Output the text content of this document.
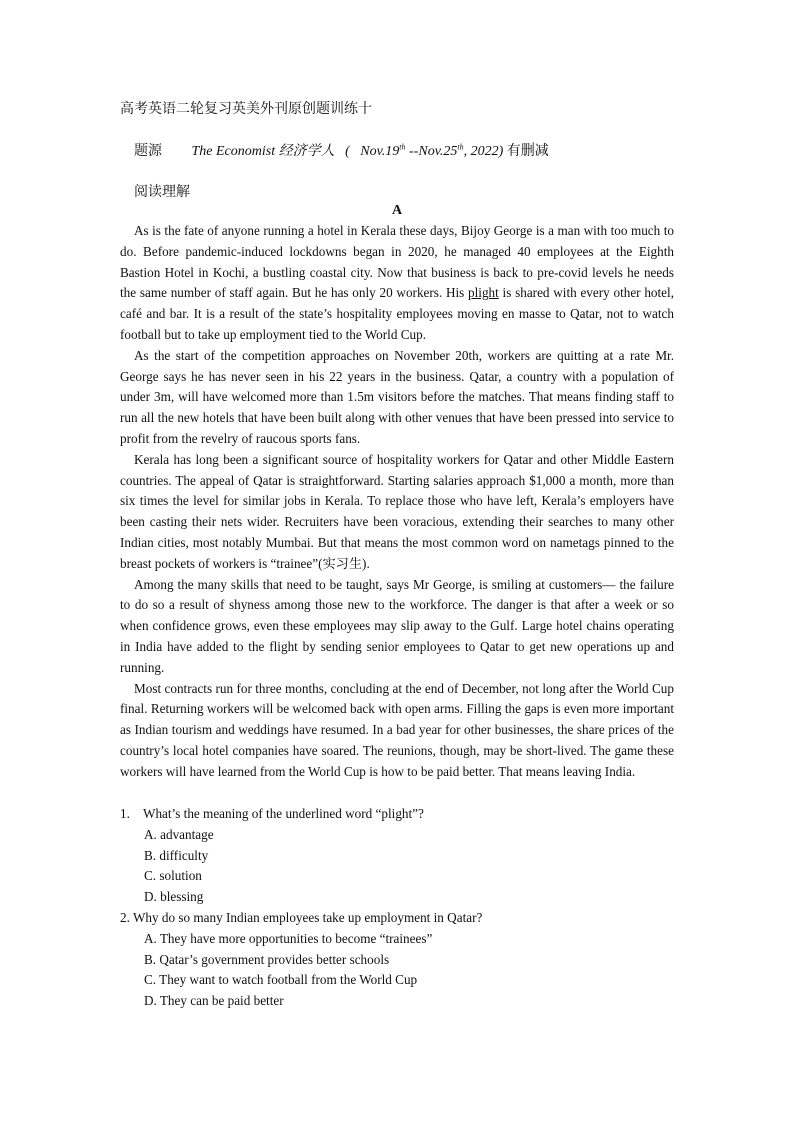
高考英语二轮复习英美外刊原创题训练十
题源 The Economist 经济学人 ( Nov.19th --Nov.25th, 2022) 有删减
阅读理解
A

As is the fate of anyone running a hotel in Kerala these days, Bijoy George is a man with too much to do. Before pandemic-induced lockdowns began in 2020, he managed 40 employees at the Eighth Bastion Hotel in Kochi, a bustling coastal city. Now that business is back to pre-covid levels he needs the same number of staff again. But he has only 20 workers. His plight is shared with every other hotel, café and bar. It is a result of the state’s hospitality employees moving en masse to Qatar, not to watch football but to take up employment tied to the World Cup.

As the start of the competition approaches on November 20th, workers are quitting at a rate Mr. George says he has never seen in his 22 years in the business. Qatar, a country with a population of under 3m, will have welcomed more than 1.5m visitors before the matches. That means finding staff to run all the new hotels that have been built along with other venues that have been pressed into service to profit from the revelry of raucous sports fans.

Kerala has long been a significant source of hospitality workers for Qatar and other Middle Eastern countries. The appeal of Qatar is straightforward. Starting salaries approach $1,000 a month, more than six times the level for similar jobs in Kerala. To replace those who have left, Kerala’s employers have been casting their nets wider. Recruiters have been voracious, extending their searches to many other Indian cities, most notably Mumbai. But that means the most common word on nametags pinned to the breast pockets of workers is “trainee”(实习生).

Among the many skills that need to be taught, says Mr George, is smiling at customers— the failure to do so a result of shyness among those new to the workforce. The danger is that after a week or so when confidence grows, even these employees may slip away to the Gulf. Large hotel chains operating in India have added to the flight by sending senior employees to Qatar to get new operations up and running.

Most contracts run for three months, concluding at the end of December, not long after the World Cup final. Returning workers will be welcomed back with open arms. Filling the gaps is even more important as Indian tourism and weddings have resumed. In a bad year for other businesses, the share prices of the country’s local hotel companies have soared. The reunions, though, may be short-lived. The game these workers will have learned from the World Cup is how to be paid better. That means leaving India.

1. What’s the meaning of the underlined word “plight”?

A. advantage

B. difficulty

C. solution

D. blessing

2. Why do so many Indian employees take up employment in Qatar?

A. They have more opportunities to become “trainees”

B. Qatar’s government provides better schools

C. They want to watch football from the World Cup

D. They can be paid better
